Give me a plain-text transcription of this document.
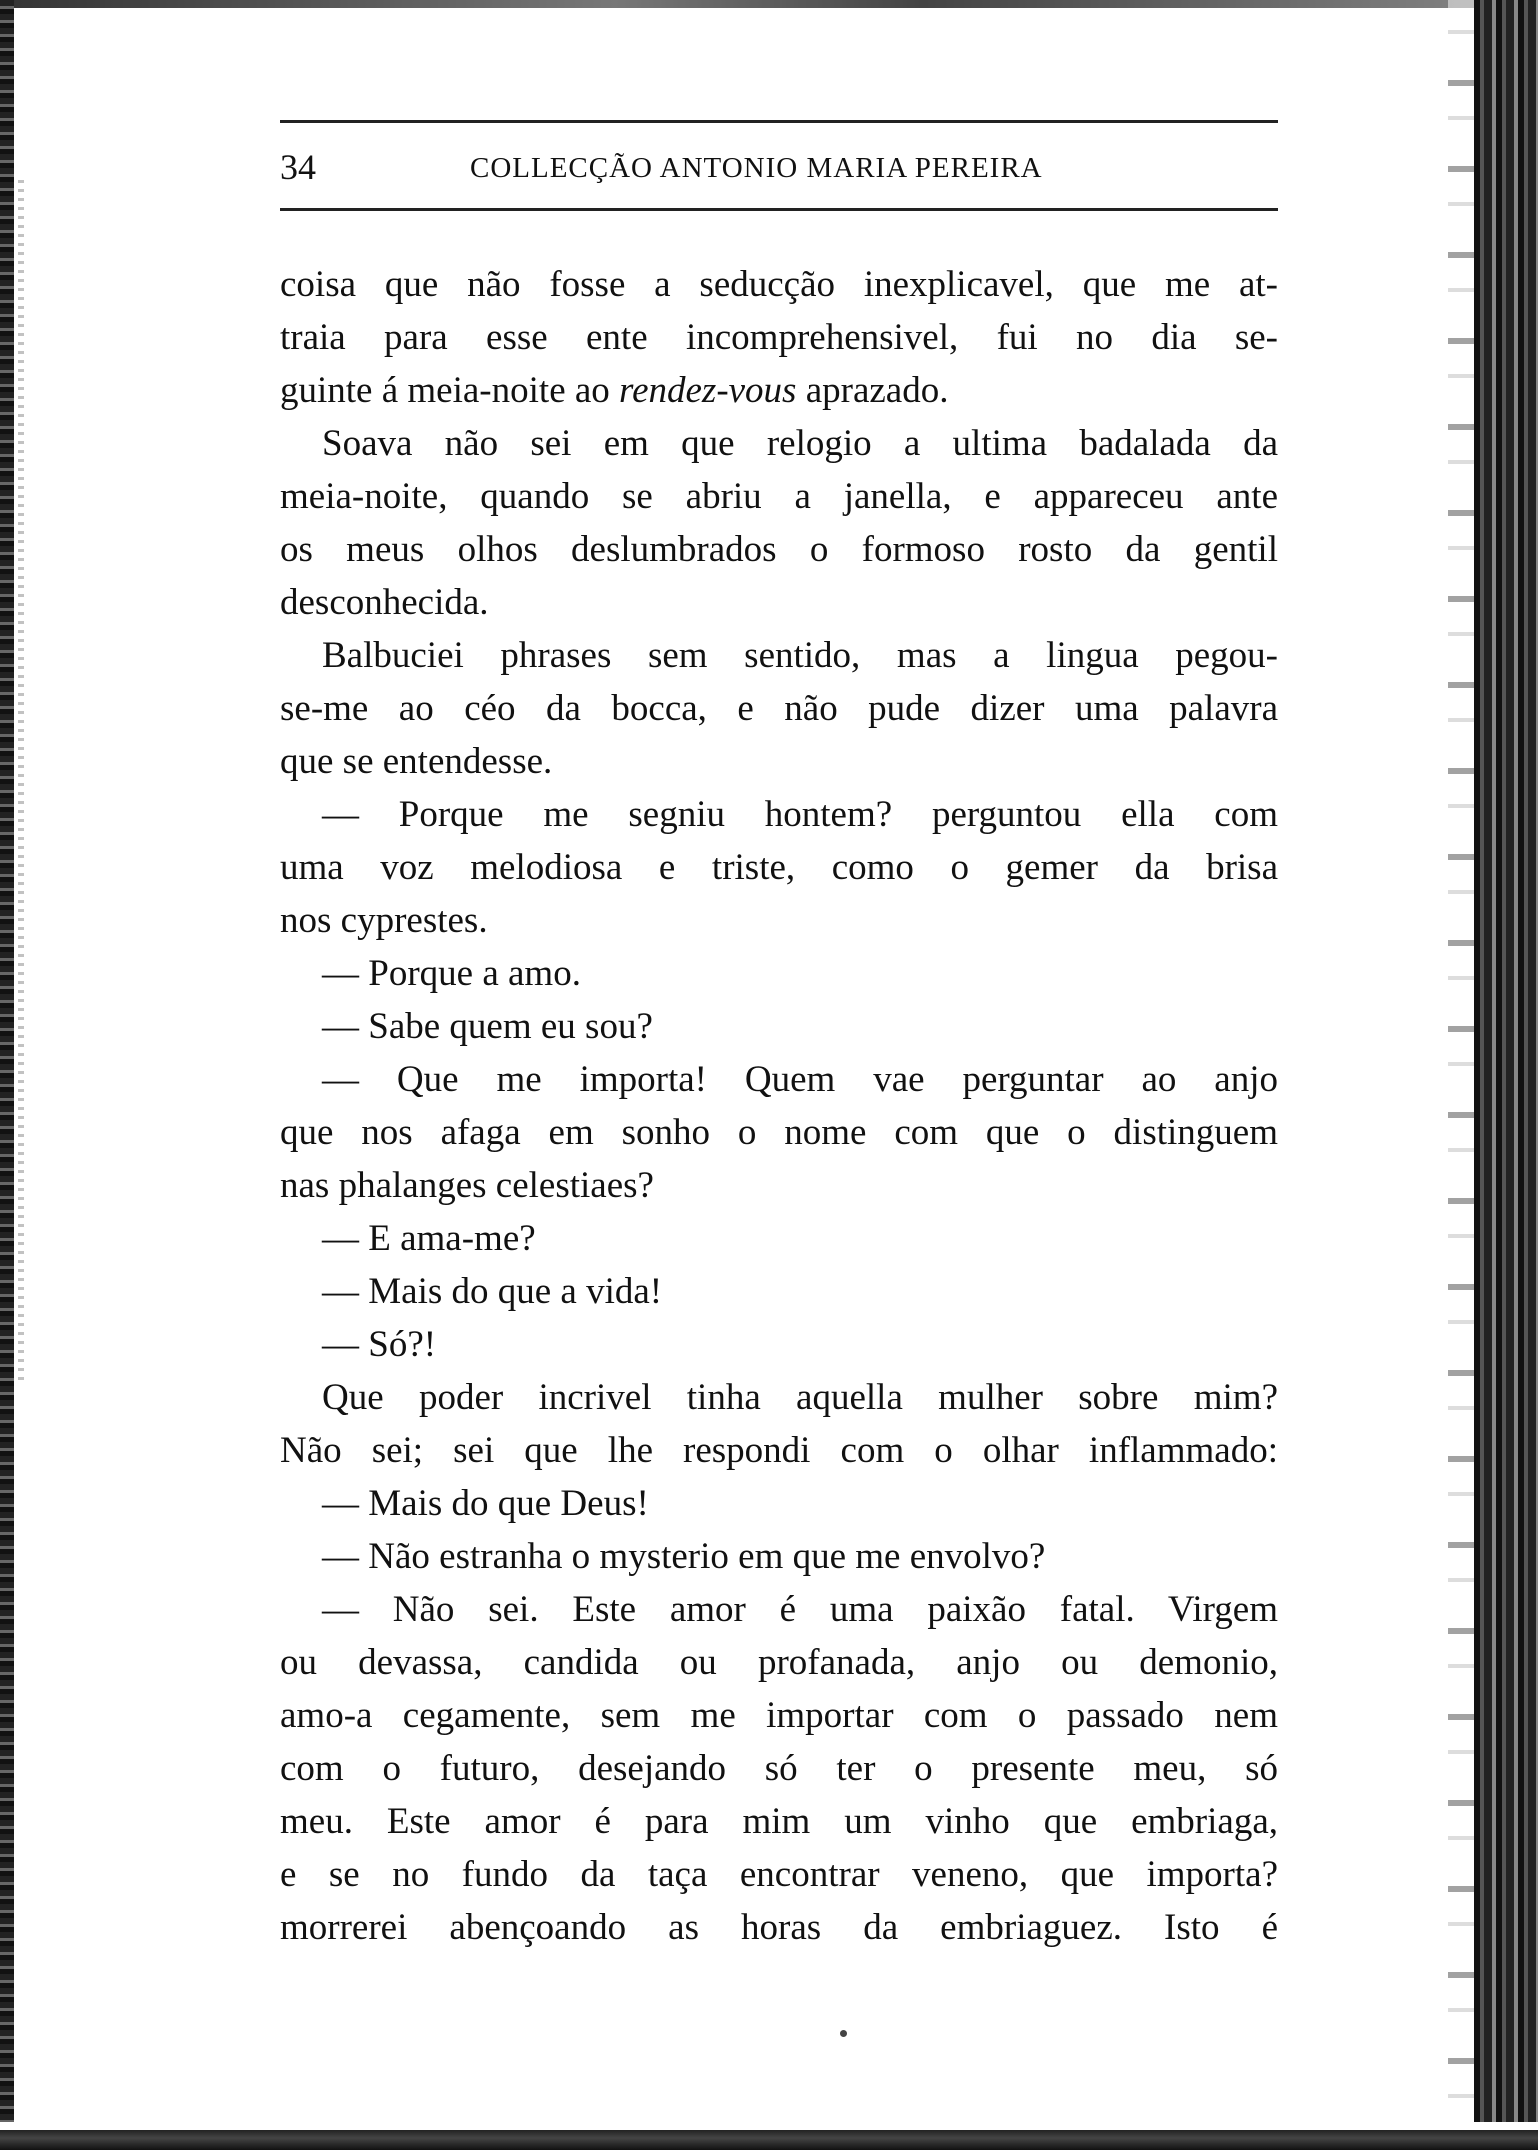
34	COLLECÇÃO ANTONIO MARIA PEREIRA
coisa que não fosse a seducção inexplicavel, que me at-
traia para esse ente incomprehensivel, fui no dia se-
guinte á meia-noite ao rendez-vous aprazado.
Soava não sei em que relogio a ultima badalada da
meia-noite, quando se abriu a janella, e appareceu ante
os meus olhos deslumbrados o formoso rosto da gentil
desconhecida.
Balbuciei phrases sem sentido, mas a lingua pegou-
se-me ao céo da bocca, e não pude dizer uma palavra
que se entendesse.
— Porque me segniu hontem? perguntou ella com
uma voz melodiosa e triste, como o gemer da brisa
nos cyprestes.
— Porque a amo.
— Sabe quem eu sou?
— Que me importa! Quem vae perguntar ao anjo
que nos afaga em sonho o nome com que o distinguem
nas phalanges celestiaes?
— E ama-me?
— Mais do que a vida!
— Só?!
Que poder incrivel tinha aquella mulher sobre mim?
Não sei; sei que lhe respondi com o olhar inflammado:
— Mais do que Deus!
— Não estranha o mysterio em que me envolvo?
— Não sei. Este amor é uma paixão fatal. Virgem
ou devassa, candida ou profanada, anjo ou demonio,
amo-a cegamente, sem me importar com o passado nem
com o futuro, desejando só ter o presente meu, só
meu. Este amor é para mim um vinho que embriaga,
e se no fundo da taça encontrar veneno, que importa?
morrerei abençoando as horas da embriaguez. Isto é
